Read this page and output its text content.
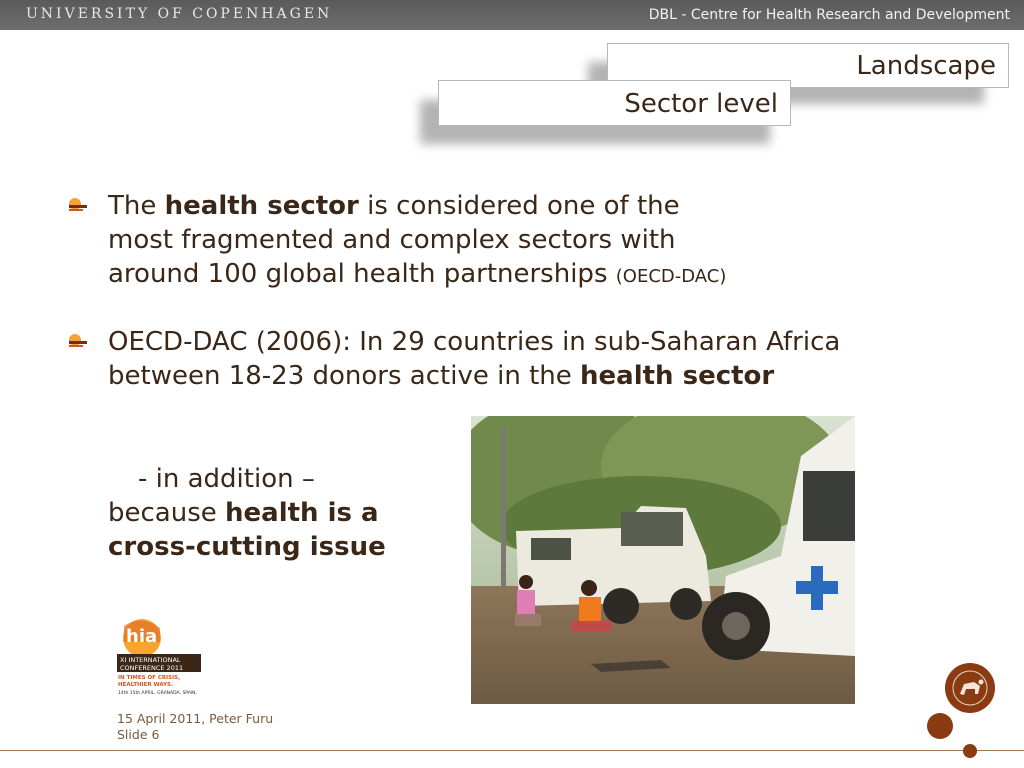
UNIVERSITY OF COPENHAGEN	DBL - Centre for Health Research and Development
Landscape
Sector level
The health sector is considered one of the
most fragmented and complex sectors with
around 100 global health partnerships (OECD-DAC)
OECD-DAC (2006): In 29 countries in sub-Saharan Africa
between 18-23 donors active in the health sector
- in addition –
because health is a
cross-cutting issue
hia
XI INTERNATIONAL
CONFERENCE 2011
IN TIMES OF CRISIS,
HEALTHIER WAYS.
14th 15th APRIL, GRANADA, SPAIN.
15 April 2011, Peter Furu
Slide 6
